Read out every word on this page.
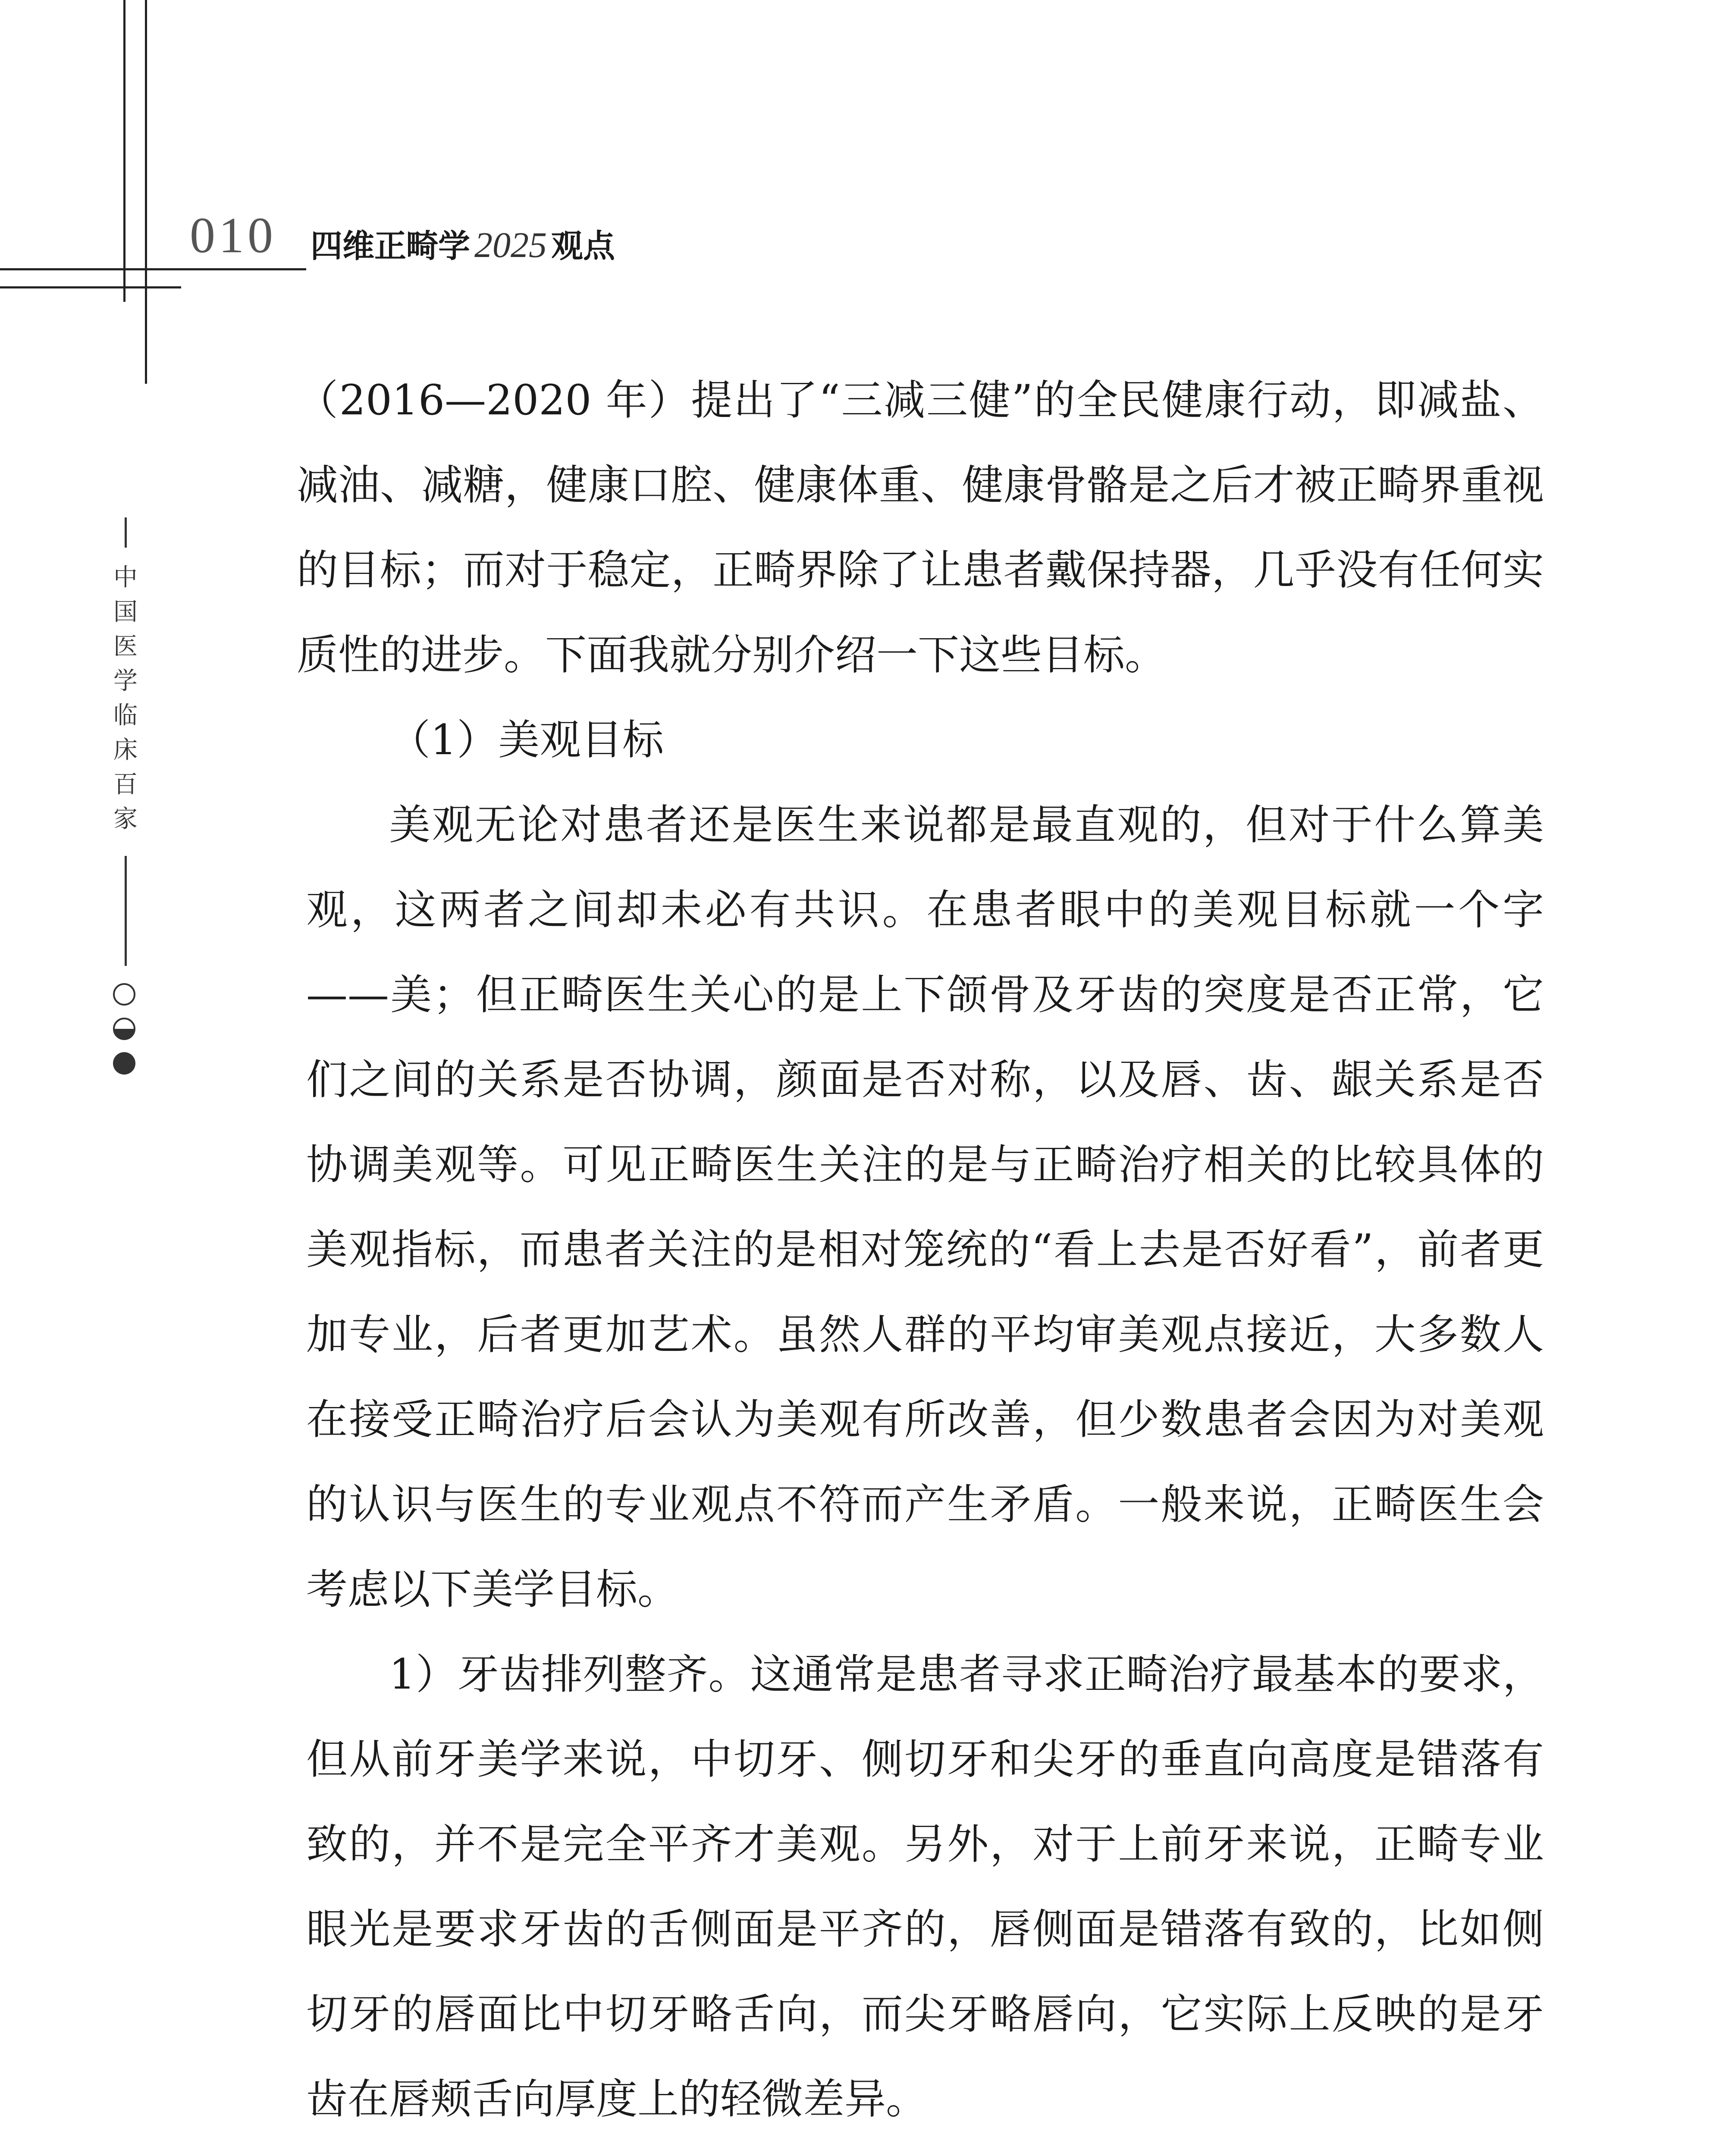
010 四维正畸学 2025 观点
中
国
医
学
临
床
百
家

（2016—2020 年）提出了“三减三健”的全民健康行动，即减盐、减油、减糖，健康口腔、健康体重、健康骨骼是之后才被正畸界重视的目标；而对于稳定，正畸界除了让患者戴保持器，几乎没有任何实质性的进步。下面我就分别介绍一下这些目标。

（1）美观目标

美观无论对患者还是医生来说都是最直观的，但对于什么算美观，这两者之间却未必有共识。在患者眼中的美观目标就一个字——美；但正畸医生关心的是上下颌骨及牙齿的突度是否正常，它们之间的关系是否协调，颜面是否对称，以及唇、齿、龈关系是否协调美观等。可见正畸医生关注的是与正畸治疗相关的比较具体的美观指标，而患者关注的是相对笼统的“看上去是否好看”，前者更加专业，后者更加艺术。虽然人群的平均审美观点接近，大多数人在接受正畸治疗后会认为美观有所改善，但少数患者会因为对美观的认识与医生的专业观点不符而产生矛盾。一般来说，正畸医生会考虑以下美学目标。

1）牙齿排列整齐。这通常是患者寻求正畸治疗最基本的要求，但从前牙美学来说，中切牙、侧切牙和尖牙的垂直向高度是错落有致的，并不是完全平齐才美观。另外，对于上前牙来说，正畸专业眼光是要求牙齿的舌侧面是平齐的，唇侧面是错落有致的，比如侧切牙的唇面比中切牙略舌向，而尖牙略唇向，它实际上反映的是牙齿在唇颊舌向厚度上的轻微差异。
